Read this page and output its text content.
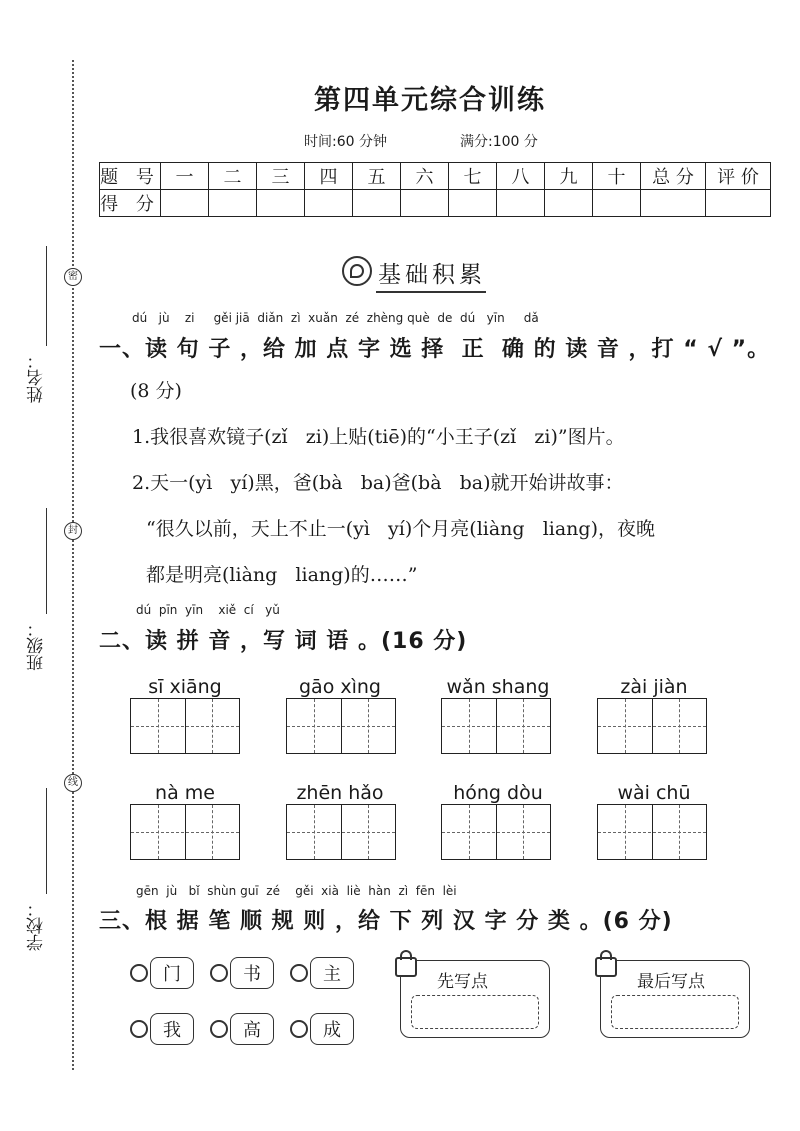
密
封
线
姓名：
班级：
学校：
第四单元综合训练
时间:60 分钟	满分:100 分
题 号	一	二	三	四	五	六	七	八	九	十	总 分	评 价
得 分												
基础积累
dú   jù    zi     gěi jiā  diǎn  zì  xuǎn  zé  zhèng què  de  dú   yīn     dǎ
一、读 句 子 ，给 加 点 字 选 择  正  确 的 读 音 ，打 “ √ ”。
(8 分)
1.我很喜欢镜子(zǐ   zi)上贴(tiē)的“小王子(zǐ   zi)”图片。
2.天一(yì   yí)黑，爸(bà   ba)爸(bà   ba)就开始讲故事：
“很久以前，天上不止一(yì   yí)个月亮(liàng   liang)，夜晚
都是明亮(liàng   liang)的……”
dú  pīn  yīn    xiě  cí   yǔ
二、读 拼 音 ，写 词 语 。(16 分)
sī xiāng	gāo xìng	wǎn shang	zài jiàn
nà me	zhēn hǎo	hóng dòu	wài chū
gēn  jù   bǐ  shùn guī  zé    gěi  xià  liè  hàn  zì  fēn  lèi
三、根 据 笔 顺 规 则 ，给 下 列 汉 字 分 类 。(6 分)
门	书	主
我	高	成
先写点	最后写点
